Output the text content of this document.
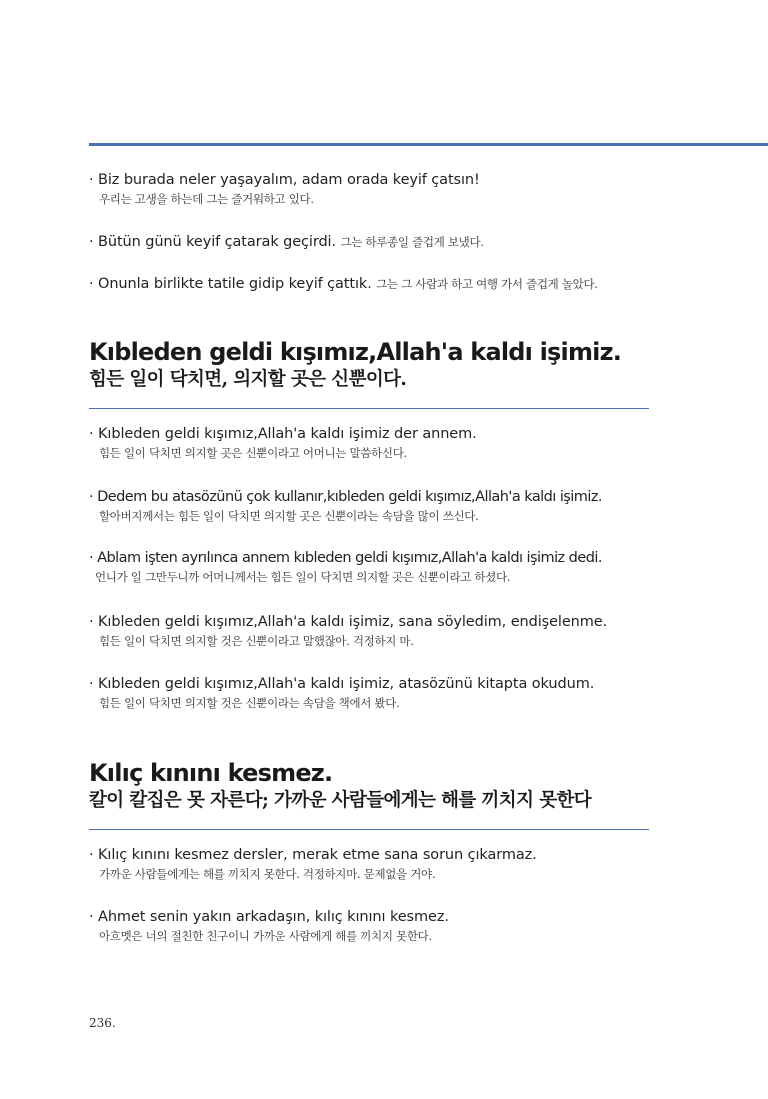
· Biz burada neler yaşayalım, adam orada keyif çatsın!
우리는 고생을 하는데 그는 즐거워하고 있다.
· Bütün günü keyif çatarak geçirdi. 그는 하루종일 즐겁게 보냈다.
· Onunla birlikte tatile gidip keyif çattık. 그는 그 사람과 하고 여행 가서 즐겁게 놀았다.
Kıbleden geldi kışımız,Allah'a kaldı işimiz.
힘든 일이 닥치면, 의지할 곳은 신뿐이다.
· Kıbleden geldi kışımız,Allah'a kaldı işimiz der annem.
힘든 일이 닥치면 의지할 곳은 신뿐이라고 어머니는 말씀하신다.
· Dedem bu atasözünü çok kullanır,kıbleden geldi kışımız,Allah'a kaldı işimiz.
할아버지께서는 힘든 일이 닥치면 의지할 곳은 신뿐이라는 속담을 많이 쓰신다.
· Ablam işten ayrılınca annem kıbleden geldi kışımız,Allah'a kaldı işimiz dedi.
언니가 일 그만두니까 어머니께서는 힘든 일이 닥치면 의지할 곳은 신뿐이라고 하셨다.
· Kıbleden geldi kışımız,Allah'a kaldı işimiz, sana söyledim, endişelenme.
힘든 일이 닥치면 의지할 것은 신뿐이라고 말했잖아. 걱정하지 마.
· Kıbleden geldi kışımız,Allah'a kaldı işimiz, atasözünü kitapta okudum.
힘든 일이 닥치면 의지할 것은 신뿐이라는 속담을 책에서 봤다.
Kılıç kınını kesmez.
칼이 칼집은 못 자른다; 가까운 사람들에게는 해를 끼치지 못한다
· Kılıç kınını kesmez dersler, merak etme sana sorun çıkarmaz.
가까운 사람들에게는 해를 끼치지 못한다. 걱정하지마. 문제없을 거야.
· Ahmet senin yakın arkadaşın, kılıç kınını kesmez.
아흐멧은 너의 절친한 친구이니 가까운 사람에게 해를 끼치지 못한다.
236.
